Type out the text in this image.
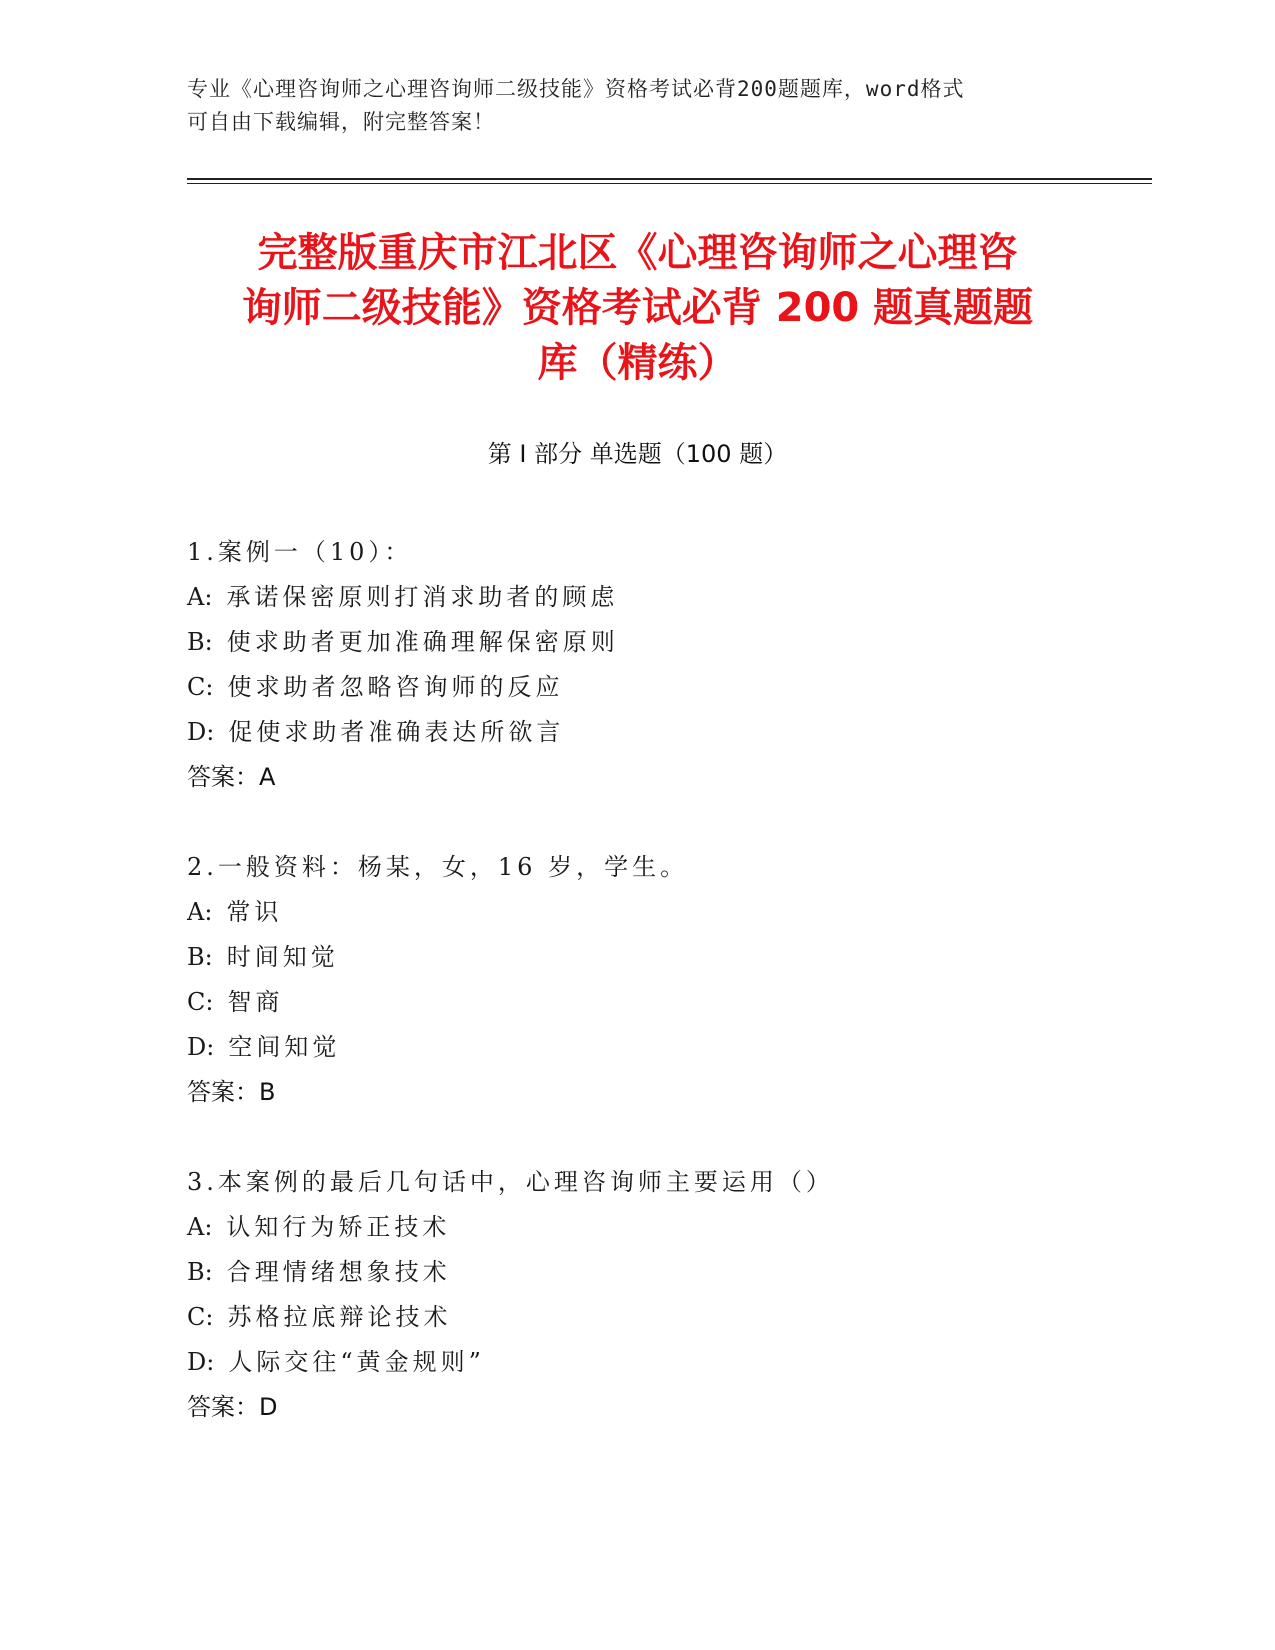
专业《心理咨询师之心理咨询师二级技能》资格考试必背200题题库，word格式
可自由下载编辑，附完整答案！
完整版重庆市江北区《心理咨询师之心理咨
询师二级技能》资格考试必背 200 题真题题
库（精练）
第 I 部分 单选题（100 题）
1.案例一（10）：
A: 承诺保密原则打消求助者的顾虑
B: 使求助者更加准确理解保密原则
C: 使求助者忽略咨询师的反应
D: 促使求助者准确表达所欲言
答案：A
2.一般资料：杨某，女，16 岁，学生。
A: 常识
B: 时间知觉
C: 智商
D: 空间知觉
答案：B
3.本案例的最后几句话中，心理咨询师主要运用（）
A: 认知行为矫正技术
B: 合理情绪想象技术
C: 苏格拉底辩论技术
D: 人际交往“黄金规则”
答案：D
